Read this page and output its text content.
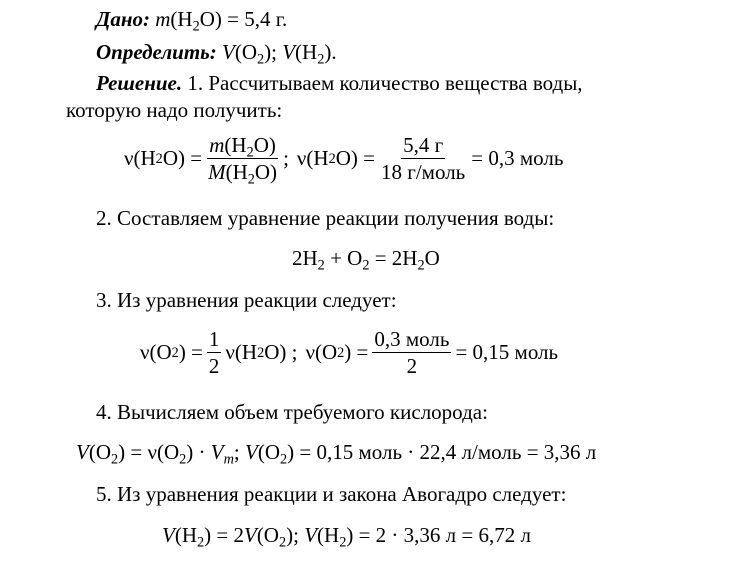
Дано: $m(H_2O) = 5,4$ г.
Определить: $V(O_2)$; $V(H_2)$.
Решение. 1. Рассчитываем количество вещества воды,
которую надо получить:
ν (H 2 $O) = \frac{m(H_2O)}{M(H_2O)}$ ; ν (H 2 $O) = \frac{5,4 г}{\text{18 г/моль}} = 0,3$ моль
2. Составляем уравнение реакции получения воды:
$2H_2 + O_2 = 2H_2O$
3. Из уравнения реакции следует:
ν (O 2 ) = $\frac{1}{2}$ ν (H 2 O) ; ν (O 2 ) = $\frac{\text{0,3 моль}}{2} = 0,15$ моль
4. Вычисляем объем требуемого кислорода:
$V(O_2) = \nu(O_2) \cdot V_m$; $V(O_2) = 0,15$ моль · 22,4 л/моль = 3,36 л
5. Из уравнения реакции и закона Авогадро следует:
$V(H_2) = 2V(O_2)$; $V(H_2) = 2 \cdot 3,36$ л = 6,72 л
